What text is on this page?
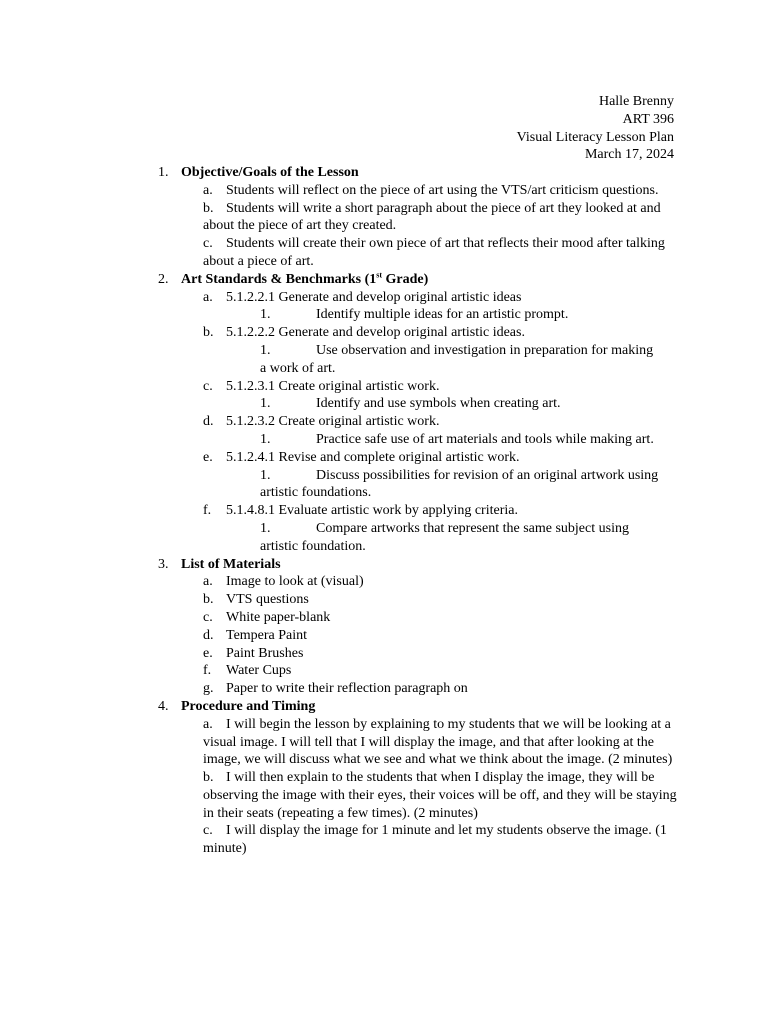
Halle Brenny
ART 396
Visual Literacy Lesson Plan
March 17, 2024
1. Objective/Goals of the Lesson
a. Students will reflect on the piece of art using the VTS/art criticism questions.
b. Students will write a short paragraph about the piece of art they looked at and about the piece of art they created.
c. Students will create their own piece of art that reflects their mood after talking about a piece of art.
2. Art Standards & Benchmarks (1st Grade)
a. 5.1.2.2.1 Generate and develop original artistic ideas
1.	Identify multiple ideas for an artistic prompt.
b. 5.1.2.2.2 Generate and develop original artistic ideas.
1.	Use observation and investigation in preparation for making a work of art.
c. 5.1.2.3.1 Create original artistic work.
1.	Identify and use symbols when creating art.
d. 5.1.2.3.2 Create original artistic work.
1.	Practice safe use of art materials and tools while making art.
e. 5.1.2.4.1 Revise and complete original artistic work.
1.	Discuss possibilities for revision of an original artwork using artistic foundations.
f.	5.1.4.8.1 Evaluate artistic work by applying criteria.
1.	Compare artworks that represent the same subject using artistic foundation.
3. List of Materials
a. Image to look at (visual)
b. VTS questions
c. White paper-blank
d. Tempera Paint
e. Paint Brushes
f.	Water Cups
g. Paper to write their reflection paragraph on
4. Procedure and Timing
a. I will begin the lesson by explaining to my students that we will be looking at a visual image. I will tell that I will display the image, and that after looking at the image, we will discuss what we see and what we think about the image. (2 minutes)
b. I will then explain to the students that when I display the image, they will be observing the image with their eyes, their voices will be off, and they will be staying in their seats (repeating a few times). (2 minutes)
c. I will display the image for 1 minute and let my students observe the image. (1 minute)
